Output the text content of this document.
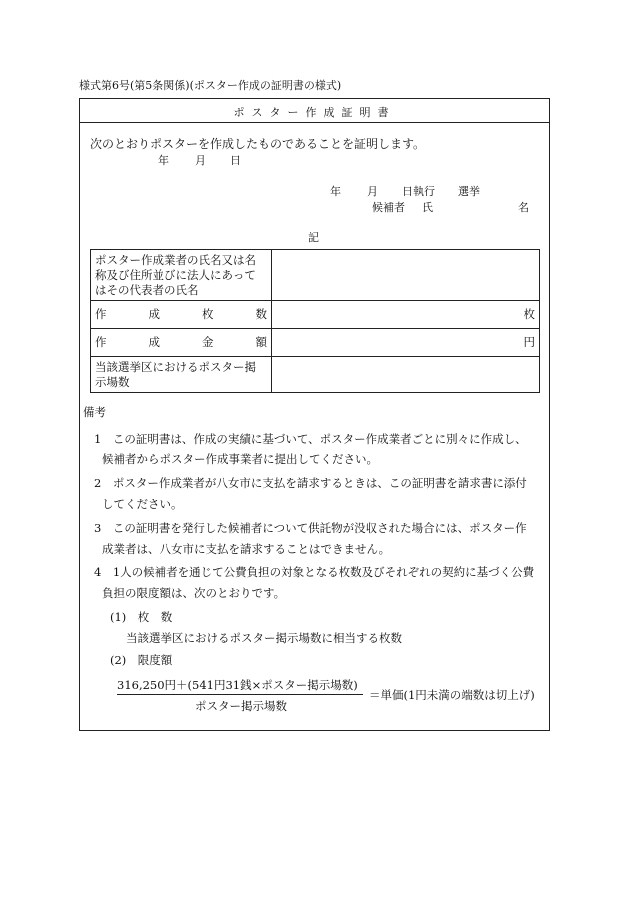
様式第6号(第5条関係)(ポスター作成の証明書の様式)
ポスター作成証明書
次のとおりポスターを作成したものであることを証明します。
年 月 日
年 月 日執行 選挙
候補者 氏	名
記
ポスター作成業者の氏名又は名称及び住所並びに法人にあってはその代表者の氏名	

作 成 枚 数	枚

作 成 金 額	円
当該選挙区におけるポスター掲示場数	
備考
1　この証明書は、作成の実績に基づいて、ポスター作成業者ごとに別々に作成し、
候補者からポスター作成事業者に提出してください。
2　ポスター作成業者が八女市に支払を請求するときは、この証明書を請求書に添付
してください。
3　この証明書を発行した候補者について供託物が没収された場合には、ポスター作
成業者は、八女市に支払を請求することはできません。
4　1人の候補者を通じて公費負担の対象となる枚数及びそれぞれの契約に基づく公費
負担の限度額は、次のとおりです。
(1)　枚　数
当該選挙区におけるポスター掲示場数に相当する枚数
(2)　限度額
316,250円＋(541円31銭×ポスター掲示場数)
ポスター掲示場数
＝単価(1円未満の端数は切上げ)
